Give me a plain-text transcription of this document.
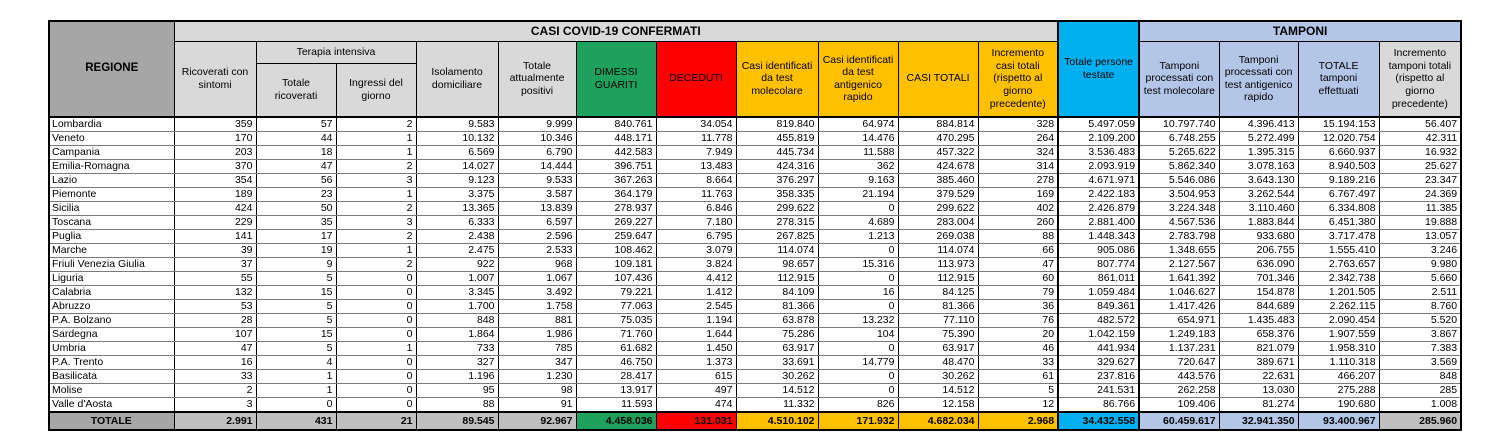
REGIONE	CASI COVID-19 CONFERMATI											Totale persone testate	TAMPONI			
	Ricoverati con sintomi	Terapia intensiva		Isolamento domiciliare	Totale attualmente positivi	DIMESSI GUARITI	DECEDUTI	Casi identificati da test molecolare	Casi identificati da test antigenico rapido	CASI TOTALI	Incremento casi totali (rispetto al giorno precedente)		Tamponi processati con test molecolare	Tamponi processati con test antigenico rapido	TOTALE tamponi effettuati	Incremento tamponi totali (rispetto al giorno precedente)
		Totale ricoverati	Ingressi del giorno													
Lombardia	359	57	2	9.583	9.999	840.761	34.054	819.840	64.974	884.814	328	5.497.059	10.797.740	4.396.413	15.194.153	56.407
Veneto	170	44	1	10.132	10.346	448.171	11.778	455.819	14.476	470.295	264	2.109.200	6.748.255	5.272.499	12.020.754	42.311
Campania	203	18	1	6.569	6.790	442.583	7.949	445.734	11.588	457.322	324	3.536.483	5.265.622	1.395.315	6.660.937	16.932
Emilia-Romagna	370	47	2	14.027	14.444	396.751	13.483	424.316	362	424.678	314	2.093.919	5.862.340	3.078.163	8.940.503	25.627
Lazio	354	56	3	9.123	9.533	367.263	8.664	376.297	9.163	385.460	278	4.671.971	5.546.086	3.643.130	9.189.216	23.347
Piemonte	189	23	1	3.375	3.587	364.179	11.763	358.335	21.194	379.529	169	2.422.183	3.504.953	3.262.544	6.767.497	24.369
Sicilia	424	50	2	13.365	13.839	278.937	6.846	299.622	0	299.622	402	2.426.879	3.224.348	3.110.460	6.334.808	11.385
Toscana	229	35	3	6.333	6.597	269.227	7.180	278.315	4.689	283.004	260	2.881.400	4.567.536	1.883.844	6.451.380	19.888
Puglia	141	17	2	2.438	2.596	259.647	6.795	267.825	1.213	269.038	88	1.448.343	2.783.798	933.680	3.717.478	13.057
Marche	39	19	1	2.475	2.533	108.462	3.079	114.074	0	114.074	66	905.086	1.348.655	206.755	1.555.410	3.246
Friuli Venezia Giulia	37	9	2	922	968	109.181	3.824	98.657	15.316	113.973	47	807.774	2.127.567	636.090	2.763.657	9.980
Liguria	55	5	0	1.007	1.067	107.436	4.412	112.915	0	112.915	60	861.011	1.641.392	701.346	2.342.738	5.660
Calabria	132	15	0	3.345	3.492	79.221	1.412	84.109	16	84.125	79	1.059.484	1.046.627	154.878	1.201.505	2.511
Abruzzo	53	5	0	1.700	1.758	77.063	2.545	81.366	0	81.366	36	849.361	1.417.426	844.689	2.262.115	8.760
P.A. Bolzano	28	5	0	848	881	75.035	1.194	63.878	13.232	77.110	76	482.572	654.971	1.435.483	2.090.454	5.520
Sardegna	107	15	0	1.864	1.986	71.760	1.644	75.286	104	75.390	20	1.042.159	1.249.183	658.376	1.907.559	3.867
Umbria	47	5	1	733	785	61.682	1.450	63.917	0	63.917	46	441.934	1.137.231	821.079	1.958.310	7.383
P.A. Trento	16	4	0	327	347	46.750	1.373	33.691	14.779	48.470	33	329.627	720.647	389.671	1.110.318	3.569
Basilicata	33	1	0	1.196	1.230	28.417	615	30.262	0	30.262	61	237.816	443.576	22.631	466.207	848
Molise	2	1	0	95	98	13.917	497	14.512	0	14.512	5	241.531	262.258	13.030	275.288	285
Valle d'Aosta	3	0	0	88	91	11.593	474	11.332	826	12.158	12	86.766	109.406	81.274	190.680	1.008
TOTALE	2.991	431	21	89.545	92.967	4.458.036	131.031	4.510.102	171.932	4.682.034	2.968	34.432.558	60.459.617	32.941.350	93.400.967	285.960
